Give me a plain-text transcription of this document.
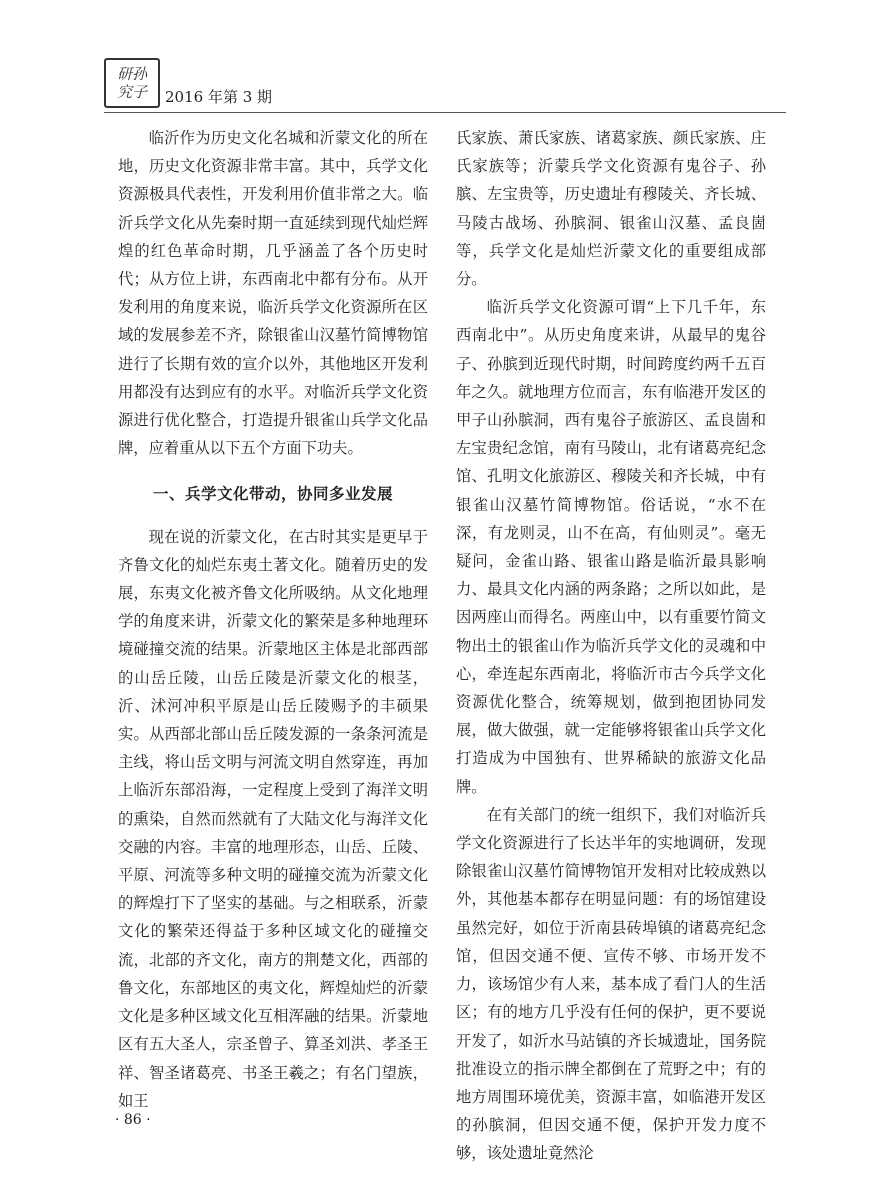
研孙
究子 2016 年第 3 期

临沂作为历史文化名城和沂蒙文化的所在地，历史文化资源非常丰富。其中，兵学文化资源极具代表性，开发利用价值非常之大。临沂兵学文化从先秦时期一直延续到现代灿烂辉煌的红色革命时期，几乎涵盖了各个历史时代；从方位上讲，东西南北中都有分布。从开发利用的角度来说，临沂兵学文化资源所在区域的发展参差不齐，除银雀山汉墓竹简博物馆进行了长期有效的宣介以外，其他地区开发利用都没有达到应有的水平。对临沂兵学文化资源进行优化整合，打造提升银雀山兵学文化品牌，应着重从以下五个方面下功夫。

一、兵学文化带动，协同多业发展

现在说的沂蒙文化，在古时其实是更早于齐鲁文化的灿烂东夷土著文化。随着历史的发展，东夷文化被齐鲁文化所吸纳。从文化地理学的角度来讲，沂蒙文化的繁荣是多种地理环境碰撞交流的结果。沂蒙地区主体是北部西部的山岳丘陵，山岳丘陵是沂蒙文化的根茎，沂、沭河冲积平原是山岳丘陵赐予的丰硕果实。从西部北部山岳丘陵发源的一条条河流是主线，将山岳文明与河流文明自然穿连，再加上临沂东部沿海，一定程度上受到了海洋文明的熏染，自然而然就有了大陆文化与海洋文化交融的内容。丰富的地理形态，山岳、丘陵、平原、河流等多种文明的碰撞交流为沂蒙文化的辉煌打下了坚实的基础。与之相联系，沂蒙文化的繁荣还得益于多种区域文化的碰撞交流，北部的齐文化，南方的荆楚文化，西部的鲁文化，东部地区的夷文化，辉煌灿烂的沂蒙文化是多种区域文化互相浑融的结果。沂蒙地区有五大圣人，宗圣曾子、算圣刘洪、孝圣王祥、智圣诸葛亮、书圣王羲之；有名门望族，如王

氏家族、萧氏家族、诸葛家族、颜氏家族、庄氏家族等；沂蒙兵学文化资源有鬼谷子、孙膑、左宝贵等，历史遗址有穆陵关、齐长城、马陵古战场、孙膑洞、银雀山汉墓、孟良崮等，兵学文化是灿烂沂蒙文化的重要组成部分。

临沂兵学文化资源可谓“上下几千年，东西南北中”。从历史角度来讲，从最早的鬼谷子、孙膑到近现代时期，时间跨度约两千五百年之久。就地理方位而言，东有临港开发区的甲子山孙膑洞，西有鬼谷子旅游区、孟良崮和左宝贵纪念馆，南有马陵山，北有诸葛亮纪念馆、孔明文化旅游区、穆陵关和齐长城，中有银雀山汉墓竹简博物馆。俗话说，“水不在深，有龙则灵，山不在高，有仙则灵”。毫无疑问，金雀山路、银雀山路是临沂最具影响力、最具文化内涵的两条路；之所以如此，是因两座山而得名。两座山中，以有重要竹简文物出土的银雀山作为临沂兵学文化的灵魂和中心，牵连起东西南北，将临沂市古今兵学文化资源优化整合，统筹规划，做到抱团协同发展，做大做强，就一定能够将银雀山兵学文化打造成为中国独有、世界稀缺的旅游文化品牌。

在有关部门的统一组织下，我们对临沂兵学文化资源进行了长达半年的实地调研，发现除银雀山汉墓竹简博物馆开发相对比较成熟以外，其他基本都存在明显问题：有的场馆建设虽然完好，如位于沂南县砖埠镇的诸葛亮纪念馆，但因交通不便、宣传不够、市场开发不力，该场馆少有人来，基本成了看门人的生活区；有的地方几乎没有任何的保护，更不要说开发了，如沂水马站镇的齐长城遗址，国务院批准设立的指示牌全都倒在了荒野之中；有的地方周围环境优美，资源丰富，如临港开发区的孙膑洞，但因交通不便，保护开发力度不够，该处遗址竟然沦

· 86 ·
